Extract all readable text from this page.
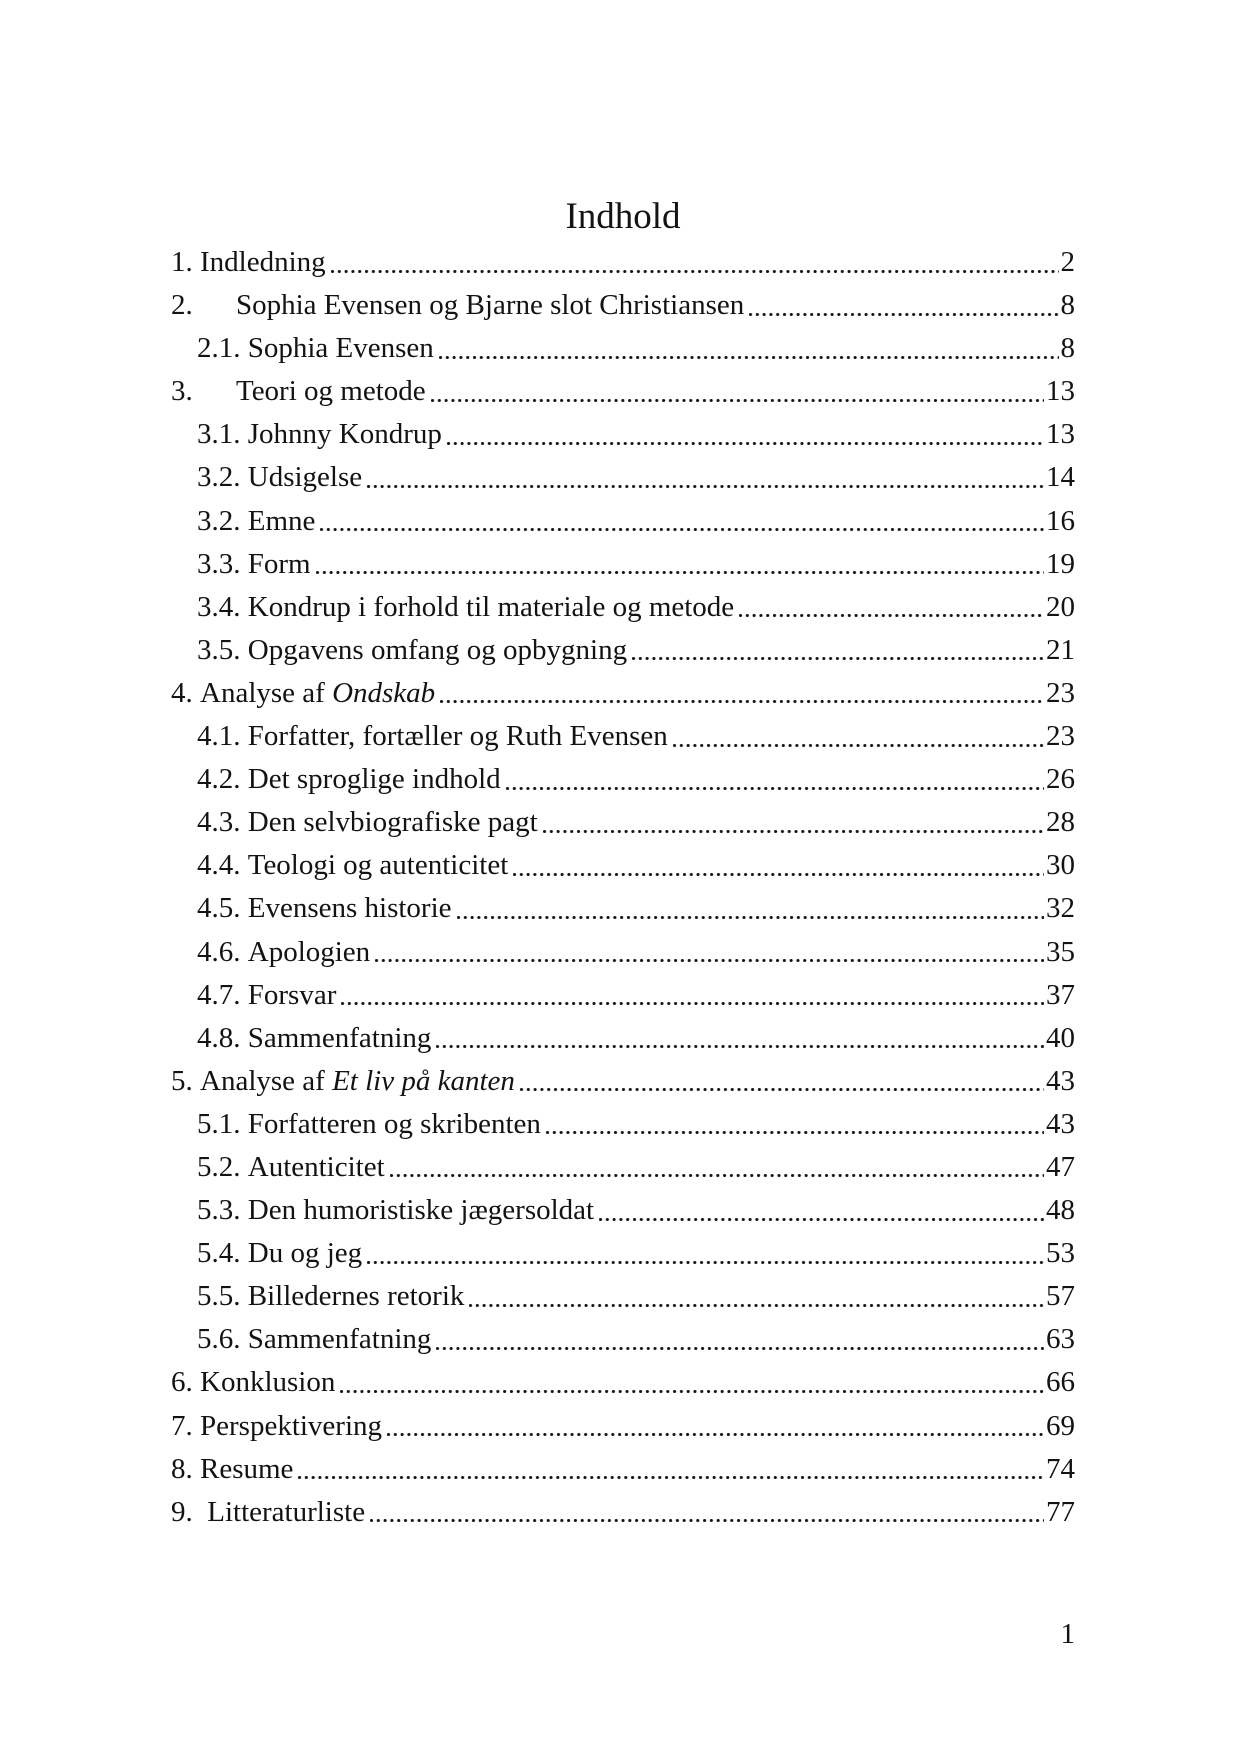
Indhold
1. Indledning	2
2.	Sophia Evensen og Bjarne slot Christiansen	8
2.1. Sophia Evensen	8
3.	Teori og metode	13
3.1. Johnny Kondrup	13
3.2. Udsigelse	14
3.2. Emne	16
3.3. Form	19
3.4. Kondrup i forhold til materiale og metode	20
3.5. Opgavens omfang og opbygning	21
4. Analyse af Ondskab	23
4.1. Forfatter, fortæller og Ruth Evensen	23
4.2. Det sproglige indhold	26
4.3. Den selvbiografiske pagt	28
4.4. Teologi og autenticitet	30
4.5. Evensens historie	32
4.6. Apologien	35
4.7. Forsvar	37
4.8. Sammenfatning	40
5. Analyse af Et liv på kanten	43
5.1. Forfatteren og skribenten	43
5.2. Autenticitet	47
5.3. Den humoristiske jægersoldat	48
5.4. Du og jeg	53
5.5. Billedernes retorik	57
5.6. Sammenfatning	63
6. Konklusion	66
7. Perspektivering	69
8. Resume	74
9. Litteraturliste	77
1
